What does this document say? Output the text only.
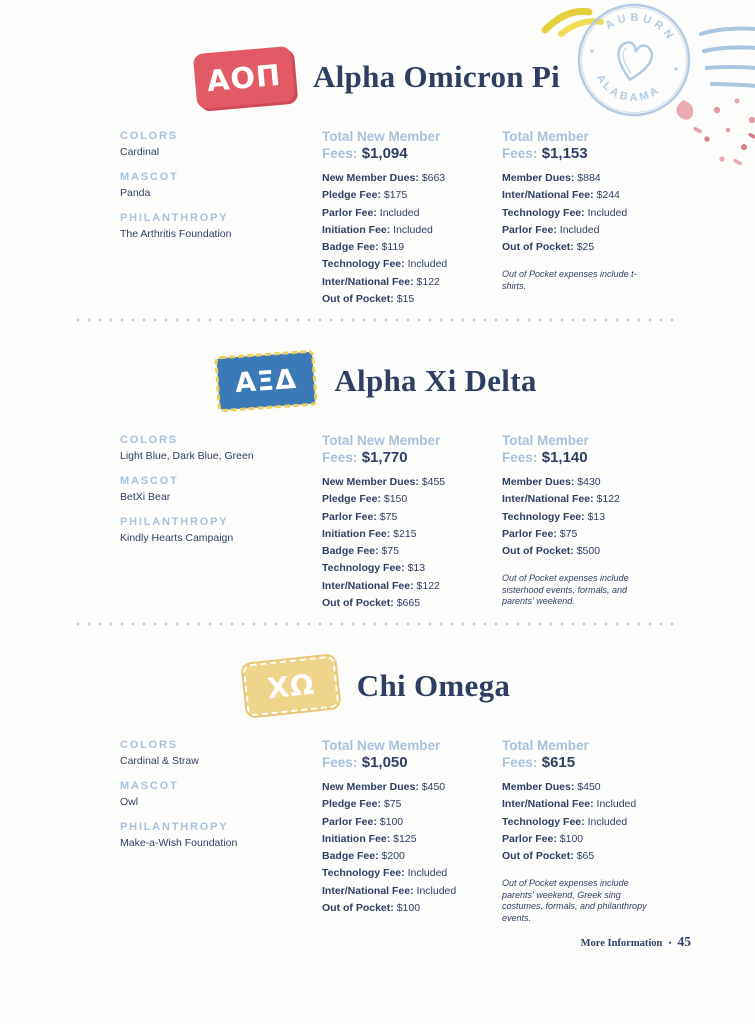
AUBURN
ALABAMA
ΑΟΠ Alpha Omicron Pi
COLORS
Cardinal
MASCOT
Panda
PHILANTHROPY
The Arthritis Foundation
Total New Member
Fees: $1,094
New Member Dues: $663
Pledge Fee: $175
Parlor Fee: Included
Initiation Fee: Included
Badge Fee: $119
Technology Fee: Included
Inter/National Fee: $122
Out of Pocket: $15
Total Member
Fees: $1,153
Member Dues: $884
Inter/National Fee: $244
Technology Fee: Included
Parlor Fee: Included
Out of Pocket: $25
Out of Pocket expenses include t-shirts.
ΑΞΔ Alpha Xi Delta
COLORS
Light Blue, Dark Blue, Green
MASCOT
BetXi Bear
PHILANTHROPY
Kindly Hearts Campaign
Total New Member
Fees: $1,770
New Member Dues: $455
Pledge Fee: $150
Parlor Fee: $75
Initiation Fee: $215
Badge Fee: $75
Technology Fee: $13
Inter/National Fee: $122
Out of Pocket: $665
Total Member
Fees: $1,140
Member Dues: $430
Inter/National Fee: $122
Technology Fee: $13
Parlor Fee: $75
Out of Pocket: $500
Out of Pocket expenses include sisterhood events, formals, and parents' weekend.
ΧΩ Chi Omega
COLORS
Cardinal & Straw
MASCOT
Owl
PHILANTHROPY
Make-a-Wish Foundation
Total New Member
Fees: $1,050
New Member Dues: $450
Pledge Fee: $75
Parlor Fee: $100
Initiation Fee: $125
Badge Fee: $200
Technology Fee: Included
Inter/National Fee: Included
Out of Pocket: $100
Total Member
Fees: $615
Member Dues: $450
Inter/National Fee: Included
Technology Fee: Included
Parlor Fee: $100
Out of Pocket: $65
Out of Pocket expenses include parents' weekend, Greek sing costumes, formals, and philanthropy events.
More Information • 45
